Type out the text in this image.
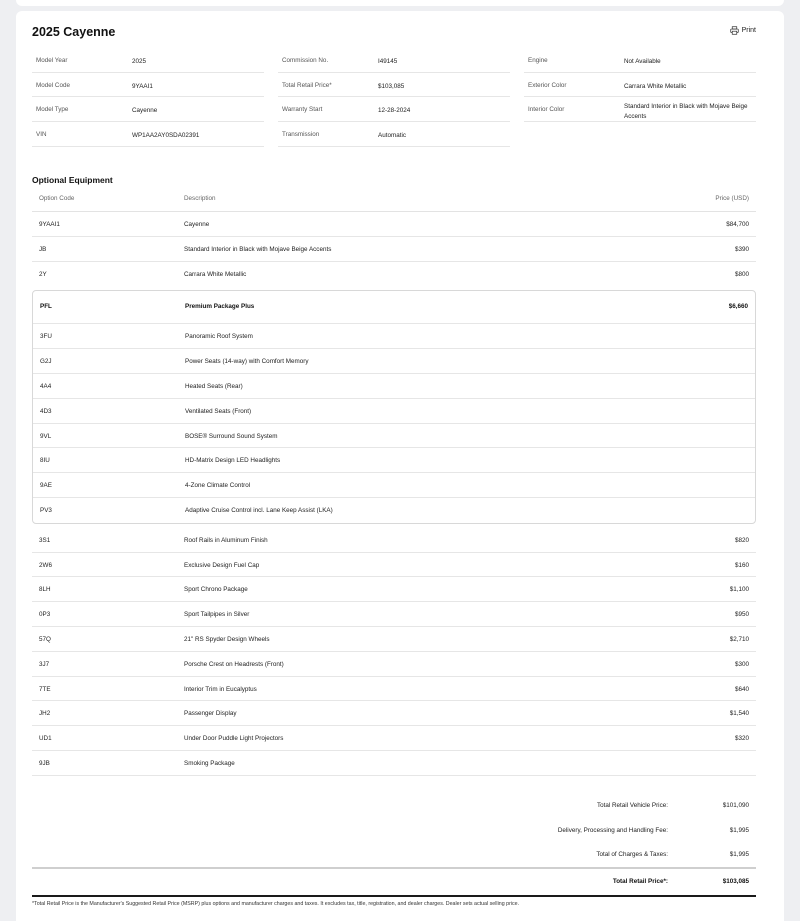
2025 Cayenne	Print
Model Year	2025
Model Code	9YAAI1
Model Type	Cayenne
VIN	WP1AA2AY0SDA02391
Commission No.	I49145
Total Retail Price*	$103,085
Warranty Start	12-28-2024
Transmission	Automatic
Engine	Not Available
Exterior Color	Carrara White Metallic
Interior Color	Standard Interior in Black with Mojave Beige Accents
Optional Equipment
Option Code	Description	Price (USD)
9YAAI1	Cayenne	$84,700
JB	Standard Interior in Black with Mojave Beige Accents	$390
2Y	Carrara White Metallic	$800
PFL	Premium Package Plus	$6,660
3FU	Panoramic Roof System
G2J	Power Seats (14-way) with Comfort Memory
4A4	Heated Seats (Rear)
4D3	Ventilated Seats (Front)
9VL	BOSE® Surround Sound System
8IU	HD-Matrix Design LED Headlights
9AE	4-Zone Climate Control
PV3	Adaptive Cruise Control incl. Lane Keep Assist (LKA)
3S1	Roof Rails in Aluminum Finish	$820
2W6	Exclusive Design Fuel Cap	$160
8LH	Sport Chrono Package	$1,100
0P3	Sport Tailpipes in Silver	$950
57Q	21" RS Spyder Design Wheels	$2,710
3J7	Porsche Crest on Headrests (Front)	$300
7TE	Interior Trim in Eucalyptus	$640
JH2	Passenger Display	$1,540
UD1	Under Door Puddle Light Projectors	$320
9JB	Smoking Package
Total Retail Vehicle Price:	$101,090
Delivery, Processing and Handling Fee:	$1,995
Total of Charges & Taxes:	$1,995
Total Retail Price*:	$103,085
*Total Retail Price is the Manufacturer's Suggested Retail Price (MSRP) plus options and manufacturer charges and taxes. It excludes tax, title, registration, and dealer charges. Dealer sets actual selling price.
